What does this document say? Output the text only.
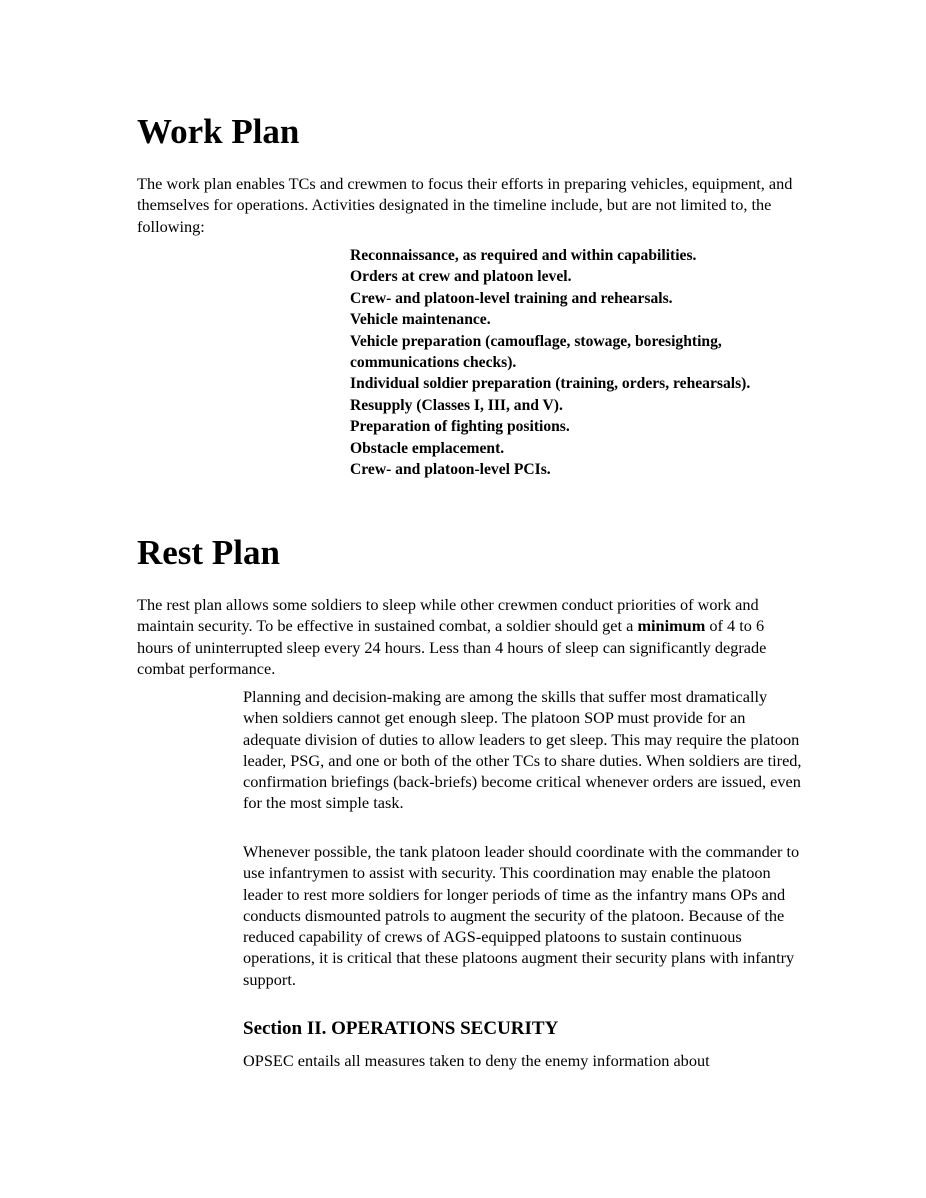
Work Plan

The work plan enables TCs and crewmen to focus their efforts in preparing vehicles, equipment, and themselves for operations. Activities designated in the timeline include, but are not limited to, the following:

Reconnaissance, as required and within capabilities.
Orders at crew and platoon level.
Crew- and platoon-level training and rehearsals.
Vehicle maintenance.
Vehicle preparation (camouflage, stowage, boresighting, communications checks).
Individual soldier preparation (training, orders, rehearsals).
Resupply (Classes I, III, and V).
Preparation of fighting positions.
Obstacle emplacement.
Crew- and platoon-level PCIs.
Rest Plan

The rest plan allows some soldiers to sleep while other crewmen conduct priorities of work and maintain security. To be effective in sustained combat, a soldier should get a minimum of 4 to 6 hours of uninterrupted sleep every 24 hours. Less than 4 hours of sleep can significantly degrade combat performance.

Planning and decision-making are among the skills that suffer most dramatically when soldiers cannot get enough sleep. The platoon SOP must provide for an adequate division of duties to allow leaders to get sleep. This may require the platoon leader, PSG, and one or both of the other TCs to share duties. When soldiers are tired, confirmation briefings (back-briefs) become critical whenever orders are issued, even for the most simple task.

Whenever possible, the tank platoon leader should coordinate with the commander to use infantrymen to assist with security. This coordination may enable the platoon leader to rest more soldiers for longer periods of time as the infantry mans OPs and conducts dismounted patrols to augment the security of the platoon. Because of the reduced capability of crews of AGS-equipped platoons to sustain continuous operations, it is critical that these platoons augment their security plans with infantry support.

Section II. OPERATIONS SECURITY

OPSEC entails all measures taken to deny the enemy information about
